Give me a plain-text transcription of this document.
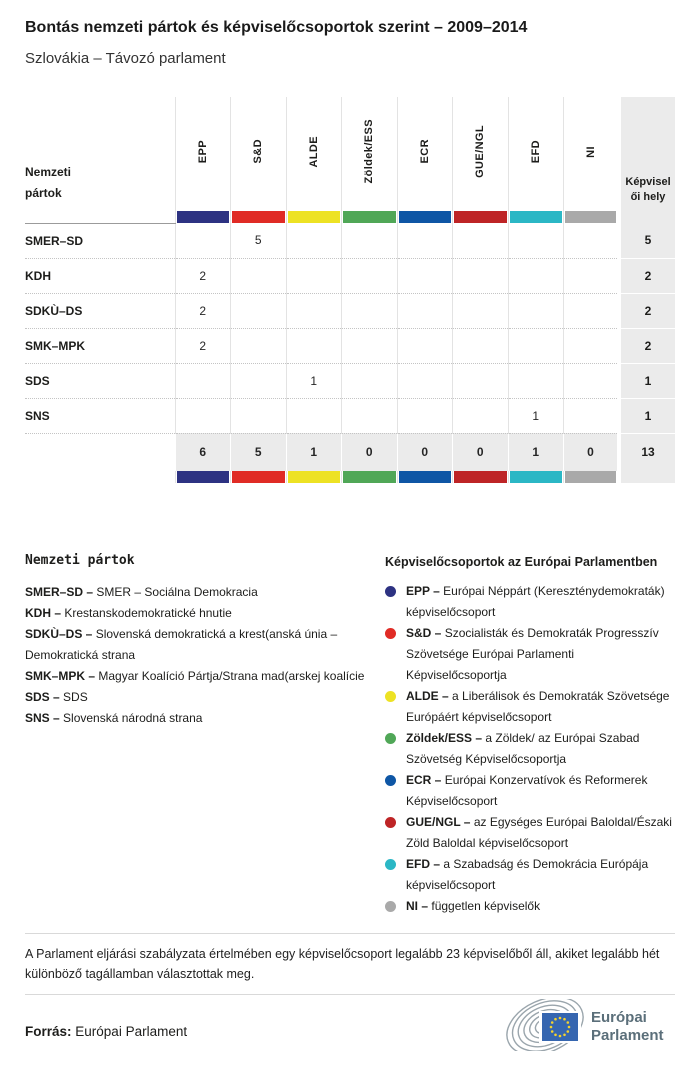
Bontás nemzeti pártok és képviselőcsoportok szerint – 2009–2014
Szlovákia – Távozó parlament
Nemzeti
pártok	EPP	S&D	ALDE	Zöldek/ESS	ECR	GUE/NGL	EFD	NI	Képviselői hely

SMER–SD		5							5
KDH	2								2
SDKÙ–DS	2								2
SMK–MPK	2								2
SDS			1						1
SNS							1		1
	6	5	1	0	0	0	1	0	13

Nemzeti pártok

SMER–SD – SMER – Sociálna Demokracia

KDH – Krestanskodemokratické hnutie

SDKÙ–DS – Slovenská demokratická a krest(anská únia – Demokratická strana

SMK–MPK – Magyar Koalíció Pártja/Strana mad(arskej koalície

SDS – SDS

SNS – Slovenská národná strana

Képviselőcsoportok az Európai Parlamentben

EPP – Európai Néppárt (Kereszténydemokraták) képviselőcsoport

S&D – Szocialisták és Demokraták Progresszív Szövetsége Európai Parlamenti Képviselőcsoportja

ALDE – a Liberálisok és Demokraták Szövetsége Európáért képviselőcsoport

Zöldek/ESS – a Zöldek/ az Európai Szabad Szövetség Képviselőcsoportja

ECR – Európai Konzervatívok és Reformerek Képviselőcsoport

GUE/NGL – az Egységes Európai Baloldal/Északi Zöld Baloldal képviselőcsoport

EFD – a Szabadság és Demokrácia Európája képviselőcsoport

NI – független képviselők

A Parlament eljárási szabályzata értelmében egy képviselőcsoport legalább 23 képviselőből áll, akiket legalább hét különböző tagállamban választottak meg.

Forrás: Európai Parlament

Európai
Parlament
